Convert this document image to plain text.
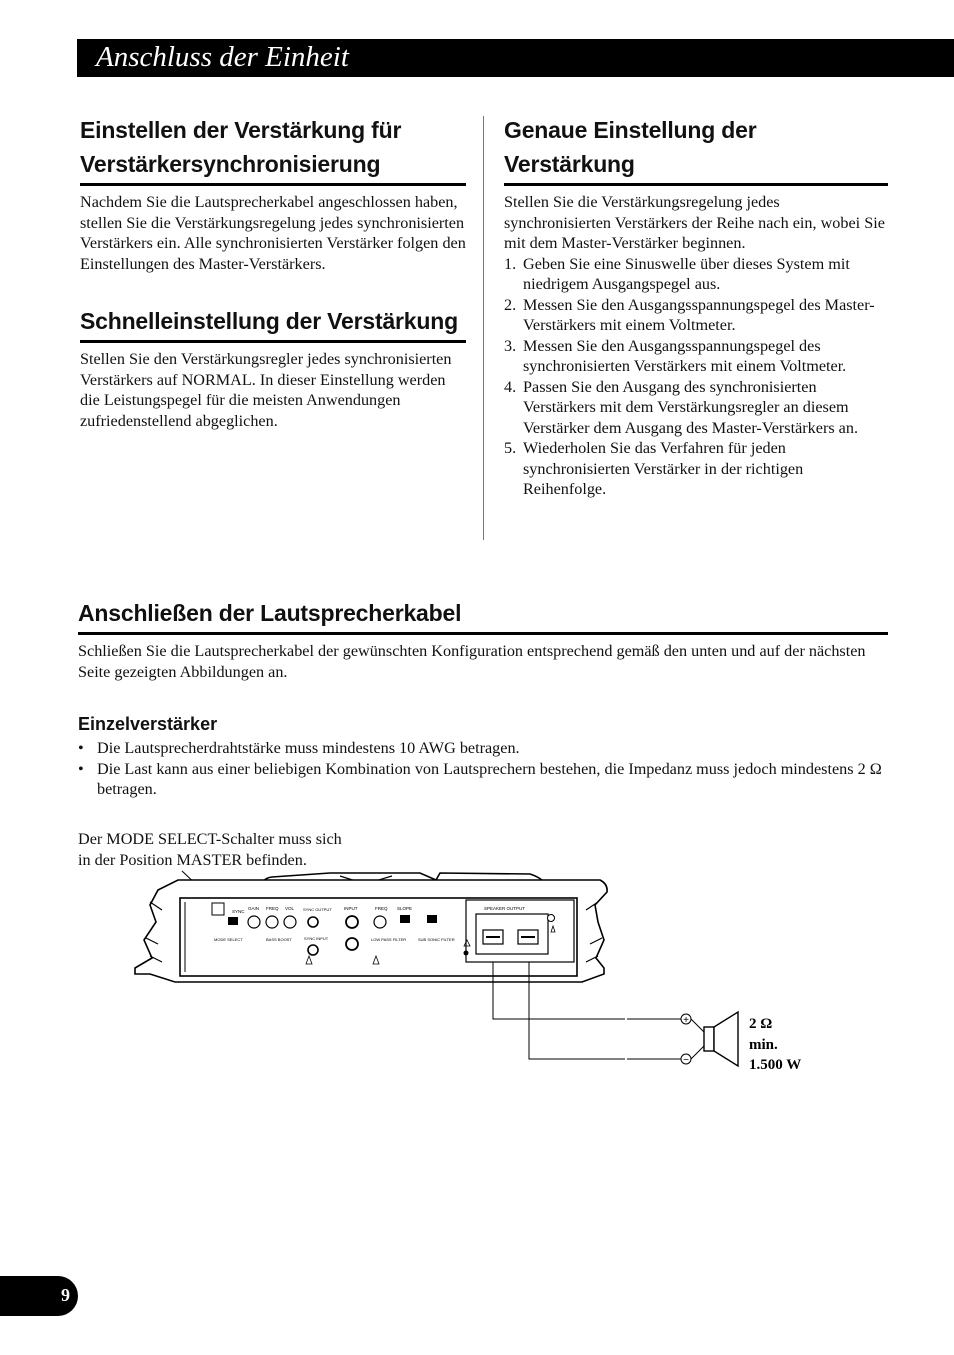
Anschluss der Einheit
Einstellen der Verstärkung für Verstärkersynchronisierung

Nachdem Sie die Lautsprecherkabel angeschlossen haben, stellen Sie die Verstärkungsregelung jedes synchronisierten Verstärkers ein. Alle synchronisierten Verstärker folgen den Einstellungen des Master-Verstärkers.

Schnelleinstellung der Verstärkung

Stellen Sie den Verstärkungsregler jedes synchronisierten Verstärkers auf NORMAL. In dieser Einstellung werden die Leistungspegel für die meisten Anwendungen zufriedenstellend abgeglichen.

Genaue Einstellung der Verstärkung

Stellen Sie die Verstärkungsregelung jedes synchronisierten Verstärkers der Reihe nach ein, wobei Sie mit dem Master-Verstärker beginnen.

1. Geben Sie eine Sinuswelle über dieses System mit niedrigem Ausgangspegel aus.
2. Messen Sie den Ausgangsspannungspegel des Master-Verstärkers mit einem Voltmeter.
3. Messen Sie den Ausgangsspannungspegel des synchronisierten Verstärkers mit einem Voltmeter.
4. Passen Sie den Ausgang des synchronisierten Verstärkers mit dem Verstärkungsregler an diesem Verstärker dem Ausgang des Master-Verstärkers an.
5. Wiederholen Sie das Verfahren für jeden synchronisierten Verstärker in der richtigen Reihenfolge.
Anschließen der Lautsprecherkabel

Schließen Sie die Lautsprecherkabel der gewünschten Konfiguration entsprechend gemäß den unten und auf der nächsten Seite gezeigten Abbildungen an.

Einzelverstärker
• Die Lautsprecherdrahtstärke muss mindestens 10 AWG betragen.
• Die Last kann aus einer beliebigen Kombination von Lautsprechern bestehen, die Impedanz muss jedoch mindestens 2 Ω betragen.

Der MODE SELECT-Schalter muss sich

in der Position MASTER befinden.

SYNC
GAIN FREQ VOL SYNC OUTPUT	INPUT	FREQ SLOPE
SYNC INPUT
MODE SELECT	BASS BOOST	LOW PASS FILTER	SUB SONIC FILTER
SPEAKER OUTPUT
+
−
2 Ω
min.
1.500 W
9
